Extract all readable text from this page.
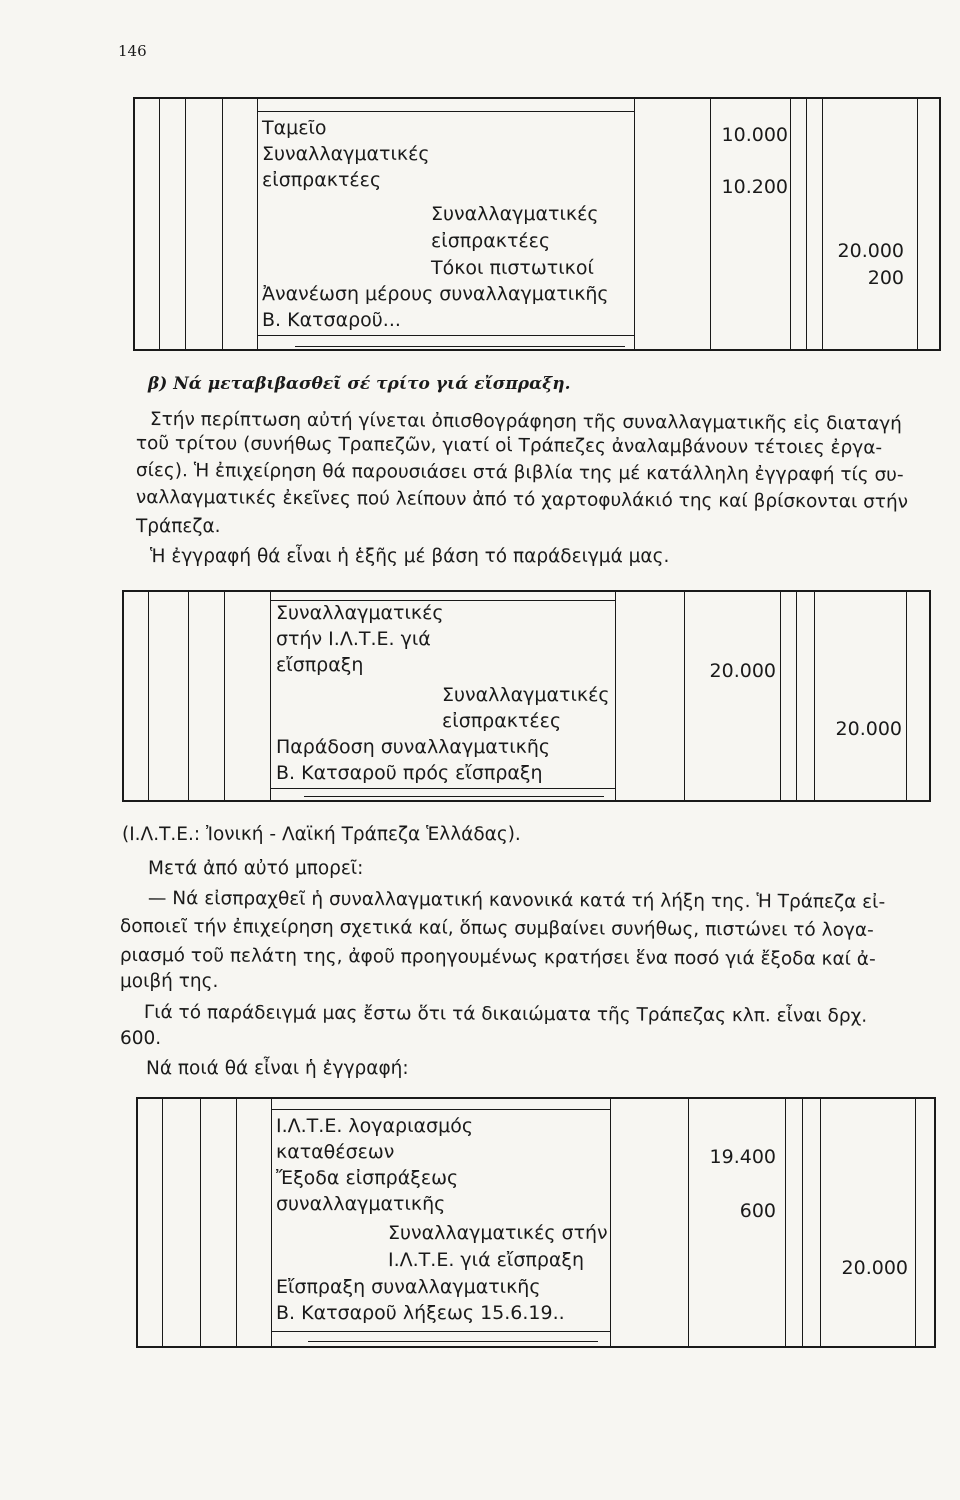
146
Ταμεῖο
Συναλλαγματικές
εἰσπρακτέες
Συναλλαγματικές
εἰσπρακτέες
Τόκοι πιστωτικοί
Ἀνανέωση μέρους συναλλαγματικῆς
Β. Κατσαροῦ...
10.000
10.200
20.000
200
β) Νά μεταβιβασθεῖ σέ τρίτο γιά εἴσπραξη.
Στήν περίπτωση αὐτή γίνεται ὀπισθογράφηση τῆς συναλλαγματικῆς εἰς διαταγή
τοῦ τρίτου (συνήθως Τραπεζῶν, γιατί οἱ Τράπεζες ἀναλαμβάνουν τέτοιες ἐργα-
σίες). Ἡ ἐπιχείρηση θά παρουσιάσει στά βιβλία της μέ κατάλληλη ἐγγραφή τίς συ-
ναλλαγματικές ἐκεῖνες πού λείπουν ἀπό τό χαρτοφυλάκιό της καί βρίσκονται στήν
Τράπεζα.
Ἡ ἐγγραφή θά εἶναι ἡ ἑξῆς μέ βάση τό παράδειγμά μας.
Συναλλαγματικές
στήν Ι.Λ.Τ.Ε. γιά
εἴσπραξη
Συναλλαγματικές
εἰσπρακτέες
Παράδοση συναλλαγματικῆς
Β. Κατσαροῦ πρός εἴσπραξη
20.000
20.000
(Ι.Λ.Τ.Ε.: Ἰονική - Λαϊκή Τράπεζα Ἑλλάδας).
Μετά ἀπό αὐτό μπορεῖ:
— Νά εἰσπραχθεῖ ἡ συναλλαγματική κανονικά κατά τή λήξη της. Ἡ Τράπεζα εἰ-
δοποιεῖ τήν ἐπιχείρηση σχετικά καί, ὅπως συμβαίνει συνήθως, πιστώνει τό λογα-
ριασμό τοῦ πελάτη της, ἀφοῦ προηγουμένως κρατήσει ἕνα ποσό γιά ἔξοδα καί ἀ-
μοιβή της.
Γιά τό παράδειγμά μας ἔστω ὅτι τά δικαιώματα τῆς Τράπεζας κλπ. εἶναι δρχ.
600.
Νά ποιά θά εἶναι ἡ ἐγγραφή:
Ι.Λ.Τ.Ε. λογαριασμός
καταθέσεων
Ἔξοδα εἰσπράξεως
συναλλαγματικῆς
Συναλλαγματικές στήν
Ι.Λ.Τ.Ε. γιά εἴσπραξη
Εἴσπραξη συναλλαγματικῆς
Β. Κατσαροῦ λήξεως 15.6.19..
19.400
600
20.000
